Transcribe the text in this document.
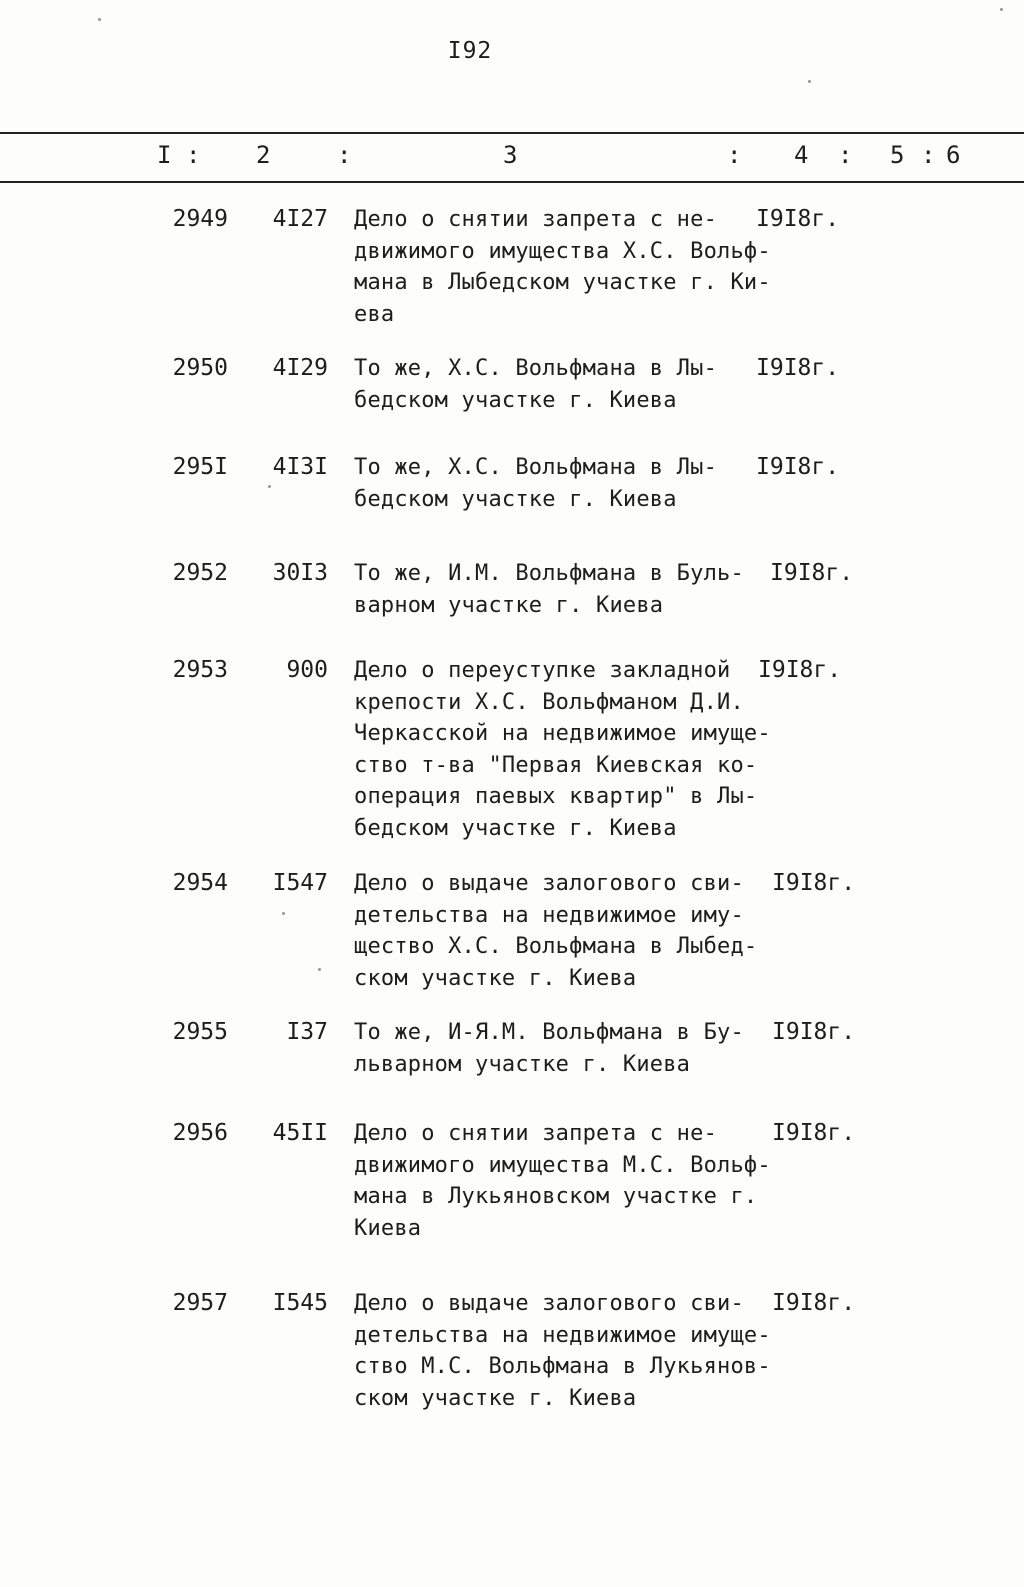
I92
I : 2	:	3	: 4 : 5 : 6
2949	4I27 Дело о снятии запрета с не-
движимого имущества Х.С. Вольф-
мана в Лыбедском участке г. Ки-
ева
I9I8г.
2950	4I29 То же, Х.С. Вольфмана в Лы-
бедском участке г. Киева
I9I8г.
295I	4I3I То же, Х.С. Вольфмана в Лы-
бедском участке г. Киева
I9I8г.
2952	30I3 То же, И.М. Вольфмана в Буль-
варном участке г. Киева
I9I8г.
2953	900 Дело о переуступке закладной
крепости Х.С. Вольфманом Д.И.
Черкасской на недвижимое имуще-
ство т-ва "Первая Киевская ко-
операция паевых квартир" в Лы-
бедском участке г. Киева
I9I8г.
2954	I547 Дело о выдаче залогового сви-
детельства на недвижимое иму-
щество Х.С. Вольфмана в Лыбед-
ском участке г. Киева
I9I8г.
2955	I37 То же, И-Я.М. Вольфмана в Бу-
льварном участке г. Киева
I9I8г.
2956	45II Дело о снятии запрета с не-
движимого имущества М.С. Вольф-
мана в Лукьяновском участке г.
Киева
I9I8г.
2957	I545 Дело о выдаче залогового сви-
детельства на недвижимое имуще-
ство М.С. Вольфмана в Лукьянов-
ском участке г. Киева
I9I8г.
